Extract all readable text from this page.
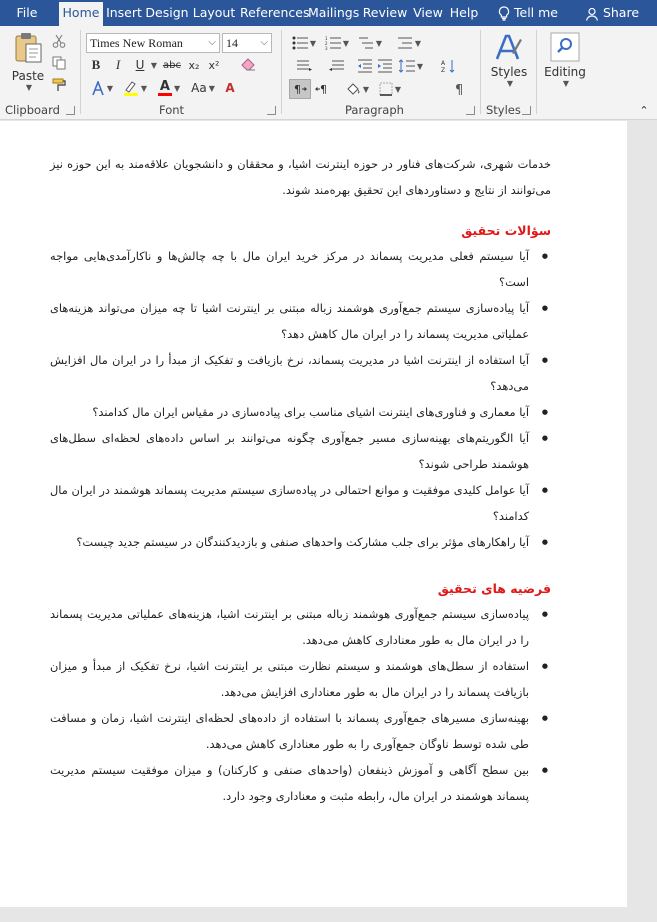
File	Home Insert Design Layout References
Mailings Review View Help	Tell me	Share
Paste
▼
Clipboard
Times New Roman	⌵ 14 ⌵
B	I	U ▼ abc x₂ x²
▼	▼ A ▼ Aa ▼ A
Font
▼ 1
2
3
▼	▼
¶ ¶	▼	▼
▼
▼	A
Z
¶
Paragraph
Styles
▼
Styles
Editing
▼
⌃

خدمات شهری، شرکت‌های فناور در حوزه اینترنت اشیا، و محققان و دانشجویان علاقه‌مند به این حوزه نیز می‌توانند از نتایج و دستاوردهای این تحقیق بهره‌مند شوند.

سؤالات تحقیق
● آیا سیستم فعلی مدیریت پسماند در مرکز خرید ایران مال با چه چالش‌ها و ناکارآمدی‌هایی مواجه است؟
● آیا پیاده‌سازی سیستم جمع‌آوری هوشمند زباله مبتنی بر اینترنت اشیا تا چه میزان می‌تواند هزینه‌های عملیاتی مدیریت پسماند را در ایران مال کاهش دهد؟
● آیا استفاده از اینترنت اشیا در مدیریت پسماند، نرخ بازیافت و تفکیک از مبدأ را در ایران مال افزایش می‌دهد؟
● آیا معماری و فناوری‌های اینترنت اشیای مناسب برای پیاده‌سازی در مقیاس ایران مال کدامند؟
● آیا الگوریتم‌های بهینه‌سازی مسیر جمع‌آوری چگونه می‌توانند بر اساس داده‌های لحظه‌ای سطل‌های هوشمند طراحی شوند؟
● آیا عوامل کلیدی موفقیت و موانع احتمالی در پیاده‌سازی سیستم مدیریت پسماند هوشمند در ایران مال کدامند؟
● آیا راهکارهای مؤثر برای جلب مشارکت واحدهای صنفی و بازدیدکنندگان در سیستم جدید چیست؟
فرضیه های تحقیق
● پیاده‌سازی سیستم جمع‌آوری هوشمند زباله مبتنی بر اینترنت اشیا، هزینه‌های عملیاتی مدیریت پسماند را در ایران مال به طور معناداری کاهش می‌دهد.
● استفاده از سطل‌های هوشمند و سیستم نظارت مبتنی بر اینترنت اشیا، نرخ تفکیک از مبدأ و میزان بازیافت پسماند را در ایران مال به طور معناداری افزایش می‌دهد.
● بهینه‌سازی مسیرهای جمع‌آوری پسماند با استفاده از داده‌های لحظه‌ای اینترنت اشیا، زمان و مسافت طی شده توسط ناوگان جمع‌آوری را به طور معناداری کاهش می‌دهد.
● بین سطح آگاهی و آموزش ذینفعان (واحدهای صنفی و کارکنان) و میزان موفقیت سیستم مدیریت پسماند هوشمند در ایران مال، رابطه مثبت و معناداری وجود دارد.
